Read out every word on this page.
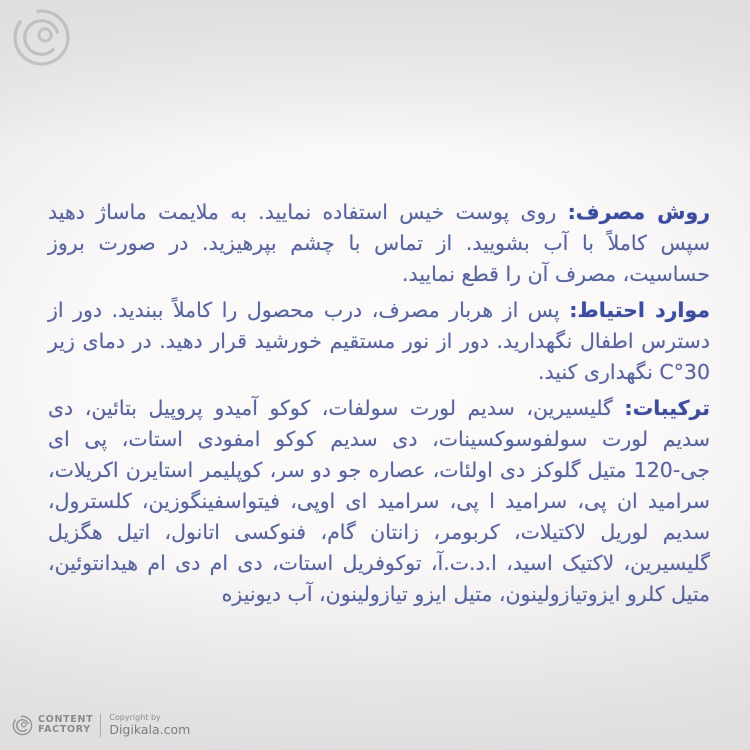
روش مصرف: روی پوست خیس استفاده نمایید. به ملایمت ماساژ دهید سپس کاملاً با آب بشویید. از تماس با چشم بپرهیزید. در صورت بروز حساسیت، مصرف آن را قطع نمایید.

موارد احتیاط: پس از هربار مصرف، درب محصول را کاملاً ببندید. دور از دسترس اطفال نگهدارید. دور از نور مستقیم خورشید قرار دهید. در دمای زیر 30°C نگهداری کنید.

ترکیبات: گلیسیرین، سدیم لورت سولفات، کوکو آمیدو پروپیل بتائین، دی سدیم لورت سولفوسوکسینات، دی سدیم کوکو امفودی استات، پی ای جی-120 متیل گلوکز دی اولئات، عصاره جو دو سر، کوپلیمر استایرن اکریلات، سرامید ان پی، سرامید ا پی، سرامید ای اوپی، فیتواسفینگوزین، کلسترول، سدیم لوریل لاکتیلات، کربومر، زانتان گام، فنوکسی اتانول، اتیل هگزیل گلیسیرین، لاکتیک اسید، ا.د.ت.آ، توکوفریل استات، دی ام دی ام هیدانتوئین، متیل کلرو ایزوتیازولینون، متیل ایزو تیازولینون، آب دیونیزه

CONTENT
FACTORY
Copyright by
Digikala.com
